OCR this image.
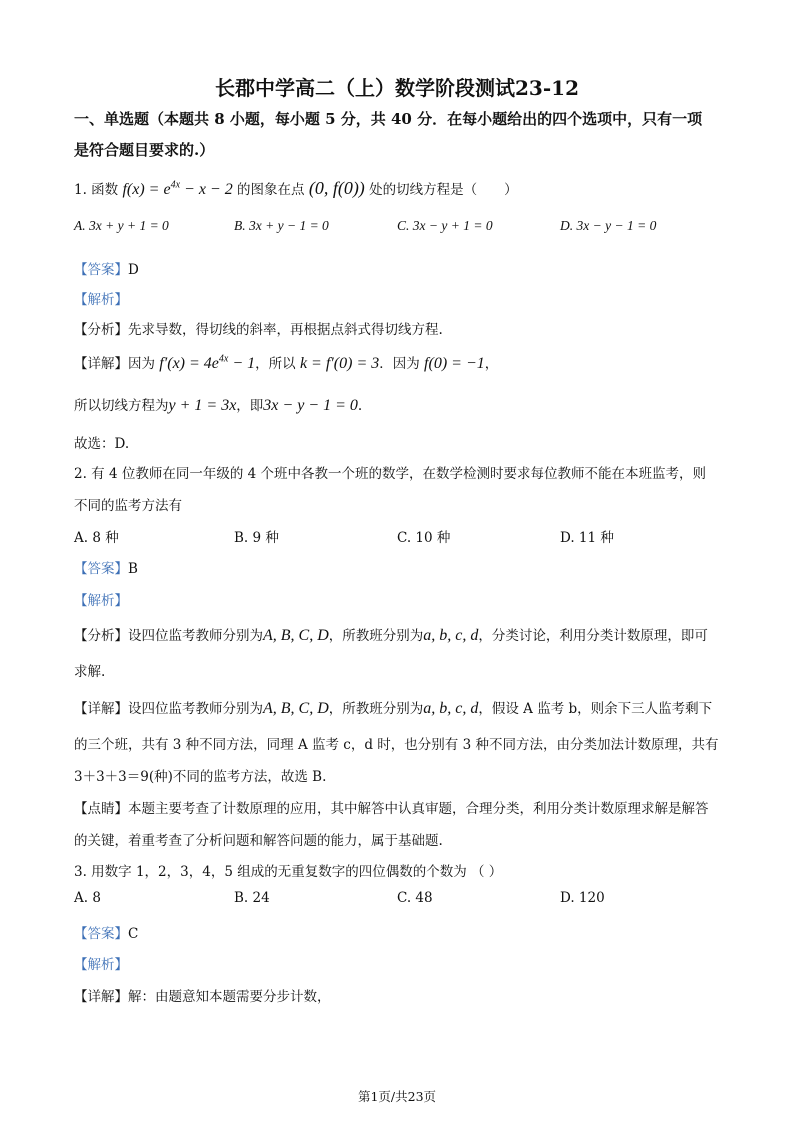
长郡中学高二（上）数学阶段测试23-12
一、单选题（本题共 8 小题，每小题 5 分，共 40 分．在每小题给出的四个选项中，只有一项
是符合题目要求的.）
1. 函数 $f(x) = e^{4x} - x - 2$ 的图象在点 (0, f(0)) 处的切线方程是（　　）
A. 3x + y + 1 = 0	B. 3x + y − 1 = 0	C. 3x − y + 1 = 0	D. 3x − y − 1 = 0
【答案】D
【解析】
【分析】先求导数，得切线的斜率，再根据点斜式得切线方程.
【详解】因为 $f'(x) = 4e^{4x} - 1$，所以 k = f′(0) = 3．因为 f(0) = −1，
所以切线方程为y + 1 = 3x，即3x − y − 1 = 0.
故选：D.
2. 有 4 位教师在同一年级的 4 个班中各教一个班的数学，在数学检测时要求每位教师不能在本班监考，则
不同的监考方法有
A. 8 种	B. 9 种	C. 10 种	D. 11 种
【答案】B
【解析】
【分析】设四位监考教师分别为A, B, C, D，所教班分别为a, b, c, d，分类讨论，利用分类计数原理，即可
求解.
【详解】设四位监考教师分别为A, B, C, D，所教班分别为a, b, c, d，假设 A 监考 b，则余下三人监考剩下
的三个班，共有 3 种不同方法，同理 A 监考 c，d 时，也分别有 3 种不同方法，由分类加法计数原理，共有
3＋3＋3＝9(种)不同的监考方法，故选 B.
【点睛】本题主要考查了计数原理的应用，其中解答中认真审题，合理分类，利用分类计数原理求解是解答
的关键，着重考查了分析问题和解答问题的能力，属于基础题.
3. 用数字 1，2，3，4，5 组成的无重复数字的四位偶数的个数为 （ ）
A. 8	B. 24	C. 48	D. 120
【答案】C
【解析】
【详解】解：由题意知本题需要分步计数，
第1页/共23页
